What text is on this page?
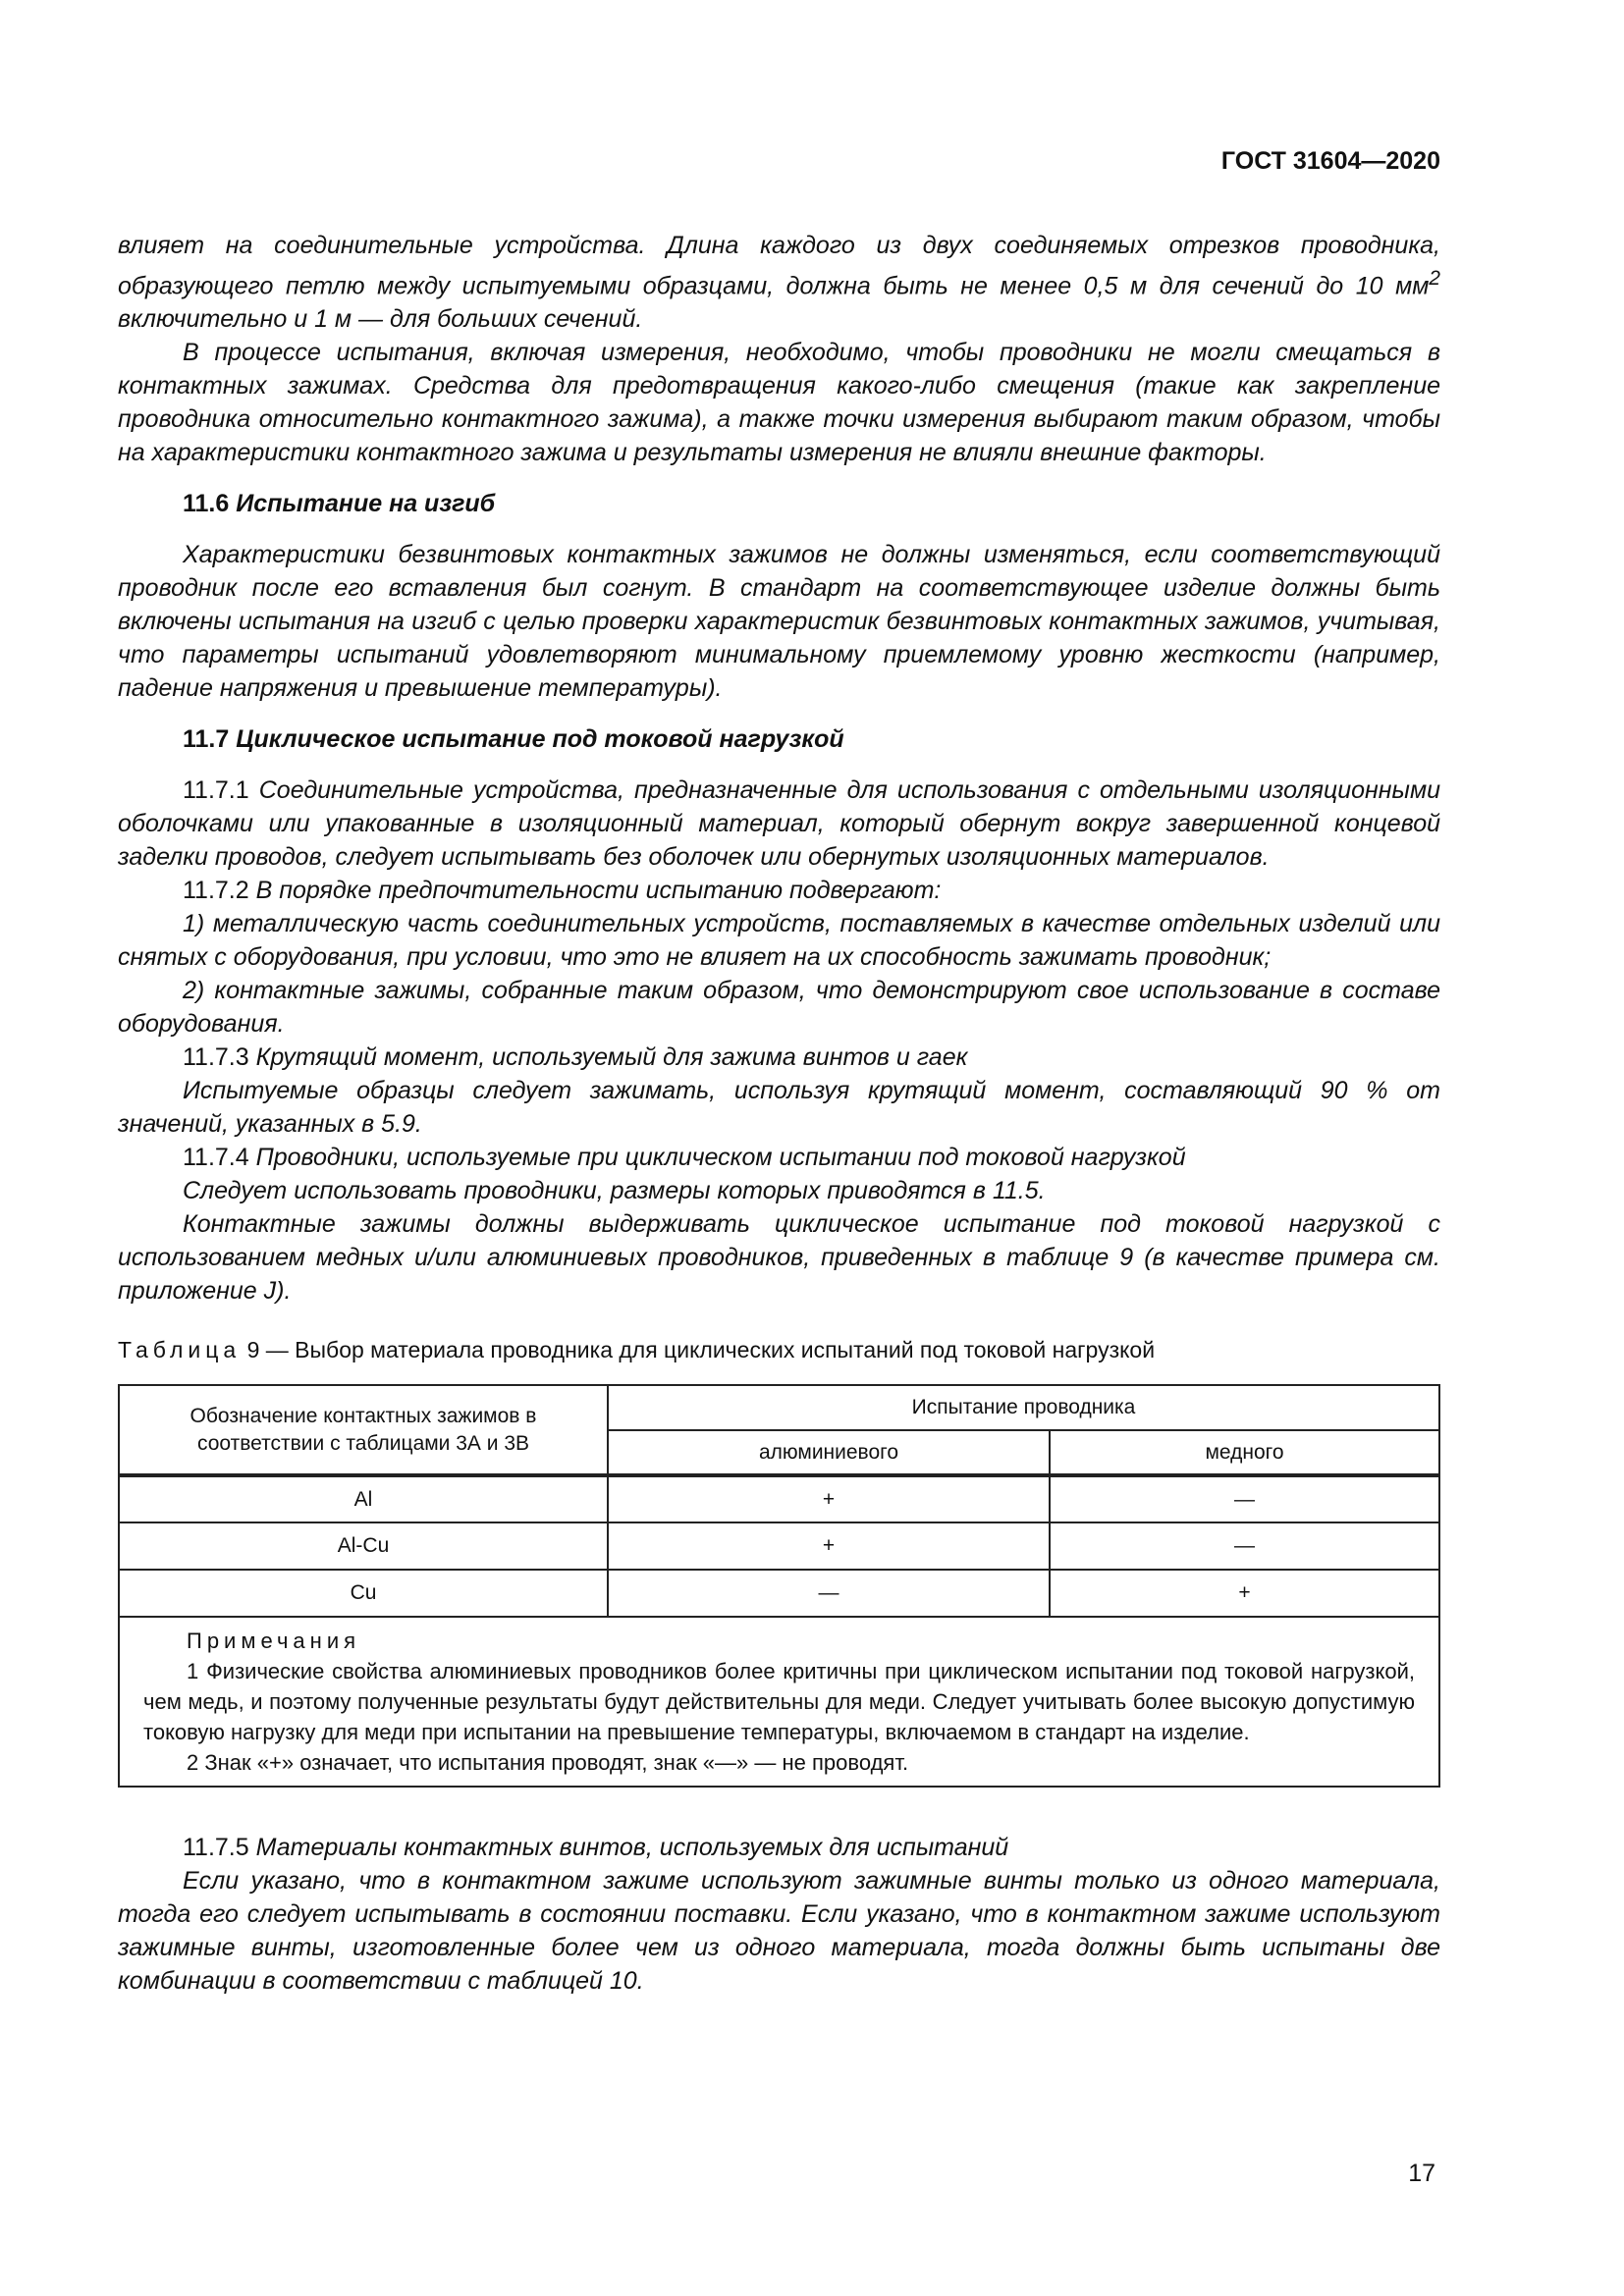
ГОСТ 31604—2020

влияет на соединительные устройства. Длина каждого из двух соединяемых отрезков проводника, образующего петлю между испытуемыми образцами, должна быть не менее 0,5 м для сечений до 10 $мм^2$ включительно и 1 м — для больших сечений.

В процессе испытания, включая измерения, необходимо, чтобы проводники не могли смещаться в контактных зажимах. Средства для предотвращения какого-либо смещения (такие как закрепление проводника относительно контактного зажима), а также точки измерения выбирают таким образом, чтобы на характеристики контактного зажима и результаты измерения не влияли внешние факторы.

11.6 Испытание на изгиб

Характеристики безвинтовых контактных зажимов не должны изменяться, если соответствующий проводник после его вставления был согнут. В стандарт на соответствующее изделие должны быть включены испытания на изгиб с целью проверки характеристик безвинтовых контактных зажимов, учитывая, что параметры испытаний удовлетворяют минимальному приемлемому уровню жесткости (например, падение напряжения и превышение температуры).

11.7 Циклическое испытание под токовой нагрузкой

11.7.1 Соединительные устройства, предназначенные для использования с отдельными изоляционными оболочками или упакованные в изоляционный материал, который обернут вокруг завершенной концевой заделки проводов, следует испытывать без оболочек или обернутых изоляционных материалов.

11.7.2 В порядке предпочтительности испытанию подвергают:

1) металлическую часть соединительных устройств, поставляемых в качестве отдельных изделий или снятых с оборудования, при условии, что это не влияет на их способность зажимать проводник;

2) контактные зажимы, собранные таким образом, что демонстрируют свое использование в составе оборудования.

11.7.3 Крутящий момент, используемый для зажима винтов и гаек

Испытуемые образцы следует зажимать, используя крутящий момент, составляющий 90 % от значений, указанных в 5.9.

11.7.4 Проводники, используемые при циклическом испытании под токовой нагрузкой

Следует использовать проводники, размеры которых приводятся в 11.5.

Контактные зажимы должны выдерживать циклическое испытание под токовой нагрузкой с использованием медных и/или алюминиевых проводников, приведенных в таблице 9 (в качестве примера см. приложение J).

Таблица 9 — Выбор материала проводника для циклических испытаний под токовой нагрузкой

Обозначение контактных зажимов в соответствии с таблицами 3А и 3В	Испытание проводника	
	алюминиевого	медного
Al	+	—
Al-Cu	+	—
Cu	—	+

Примечания

1 Физические свойства алюминиевых проводников более критичны при циклическом испытании под токовой нагрузкой, чем медь, и поэтому полученные результаты будут действительны для меди. Следует учитывать более высокую допустимую токовую нагрузку для меди при испытании на превышение температуры, включаемом в стандарт на изделие.

2 Знак «+» означает, что испытания проводят, знак «—» — не проводят.		

11.7.5 Материалы контактных винтов, используемых для испытаний

Если указано, что в контактном зажиме используют зажимные винты только из одного материала, тогда его следует испытывать в состоянии поставки. Если указано, что в контактном зажиме используют зажимные винты, изготовленные более чем из одного материала, тогда должны быть испытаны две комбинации в соответствии с таблицей 10.

17
